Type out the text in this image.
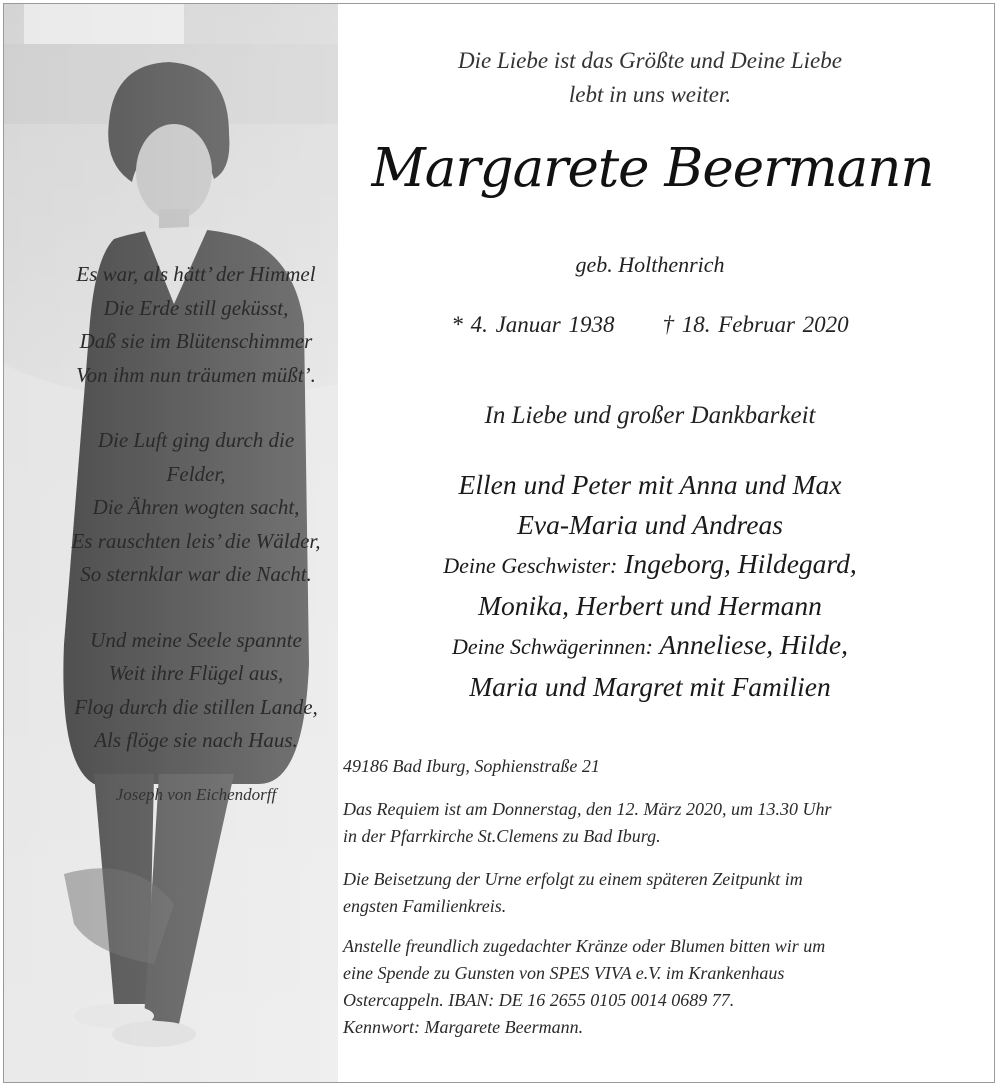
Es war, als hätt’ der Himmel
Die Erde still geküsst,
Daß sie im Blütenschimmer
Von ihm nun träumen müßt’.
Die Luft ging durch die
Felder,
Die Ähren wogten sacht,
Es rauschten leis’ die Wälder,
So sternklar war die Nacht.
Und meine Seele spannte
Weit ihre Flügel aus,
Flog durch die stillen Lande,
Als flöge sie nach Haus.
Joseph von Eichendorff
Die Liebe ist das Größte und Deine Liebe
lebt in uns weiter.
Margarete Beermann
geb. Holthenrich
* 4. Januar 1938 † 18. Februar 2020
In Liebe und großer Dankbarkeit
Ellen und Peter mit Anna und Max
Eva-Maria und Andreas
Deine Geschwister: Ingeborg, Hildegard,
Monika, Herbert und Hermann
Deine Schwägerinnen: Anneliese, Hilde,
Maria und Margret mit Familien

49186 Bad Iburg, Sophienstraße 21

Das Requiem ist am Donnerstag, den 12. März 2020, um 13.30 Uhr

in der Pfarrkirche St.Clemens zu Bad Iburg.

Die Beisetzung der Urne erfolgt zu einem späteren Zeitpunkt im

engsten Familienkreis.

Anstelle freundlich zugedachter Kränze oder Blumen bitten wir um

eine Spende zu Gunsten von SPES VIVA e.V. im Krankenhaus

Ostercappeln. IBAN: DE 16 2655 0105 0014 0689 77.

Kennwort: Margarete Beermann.
